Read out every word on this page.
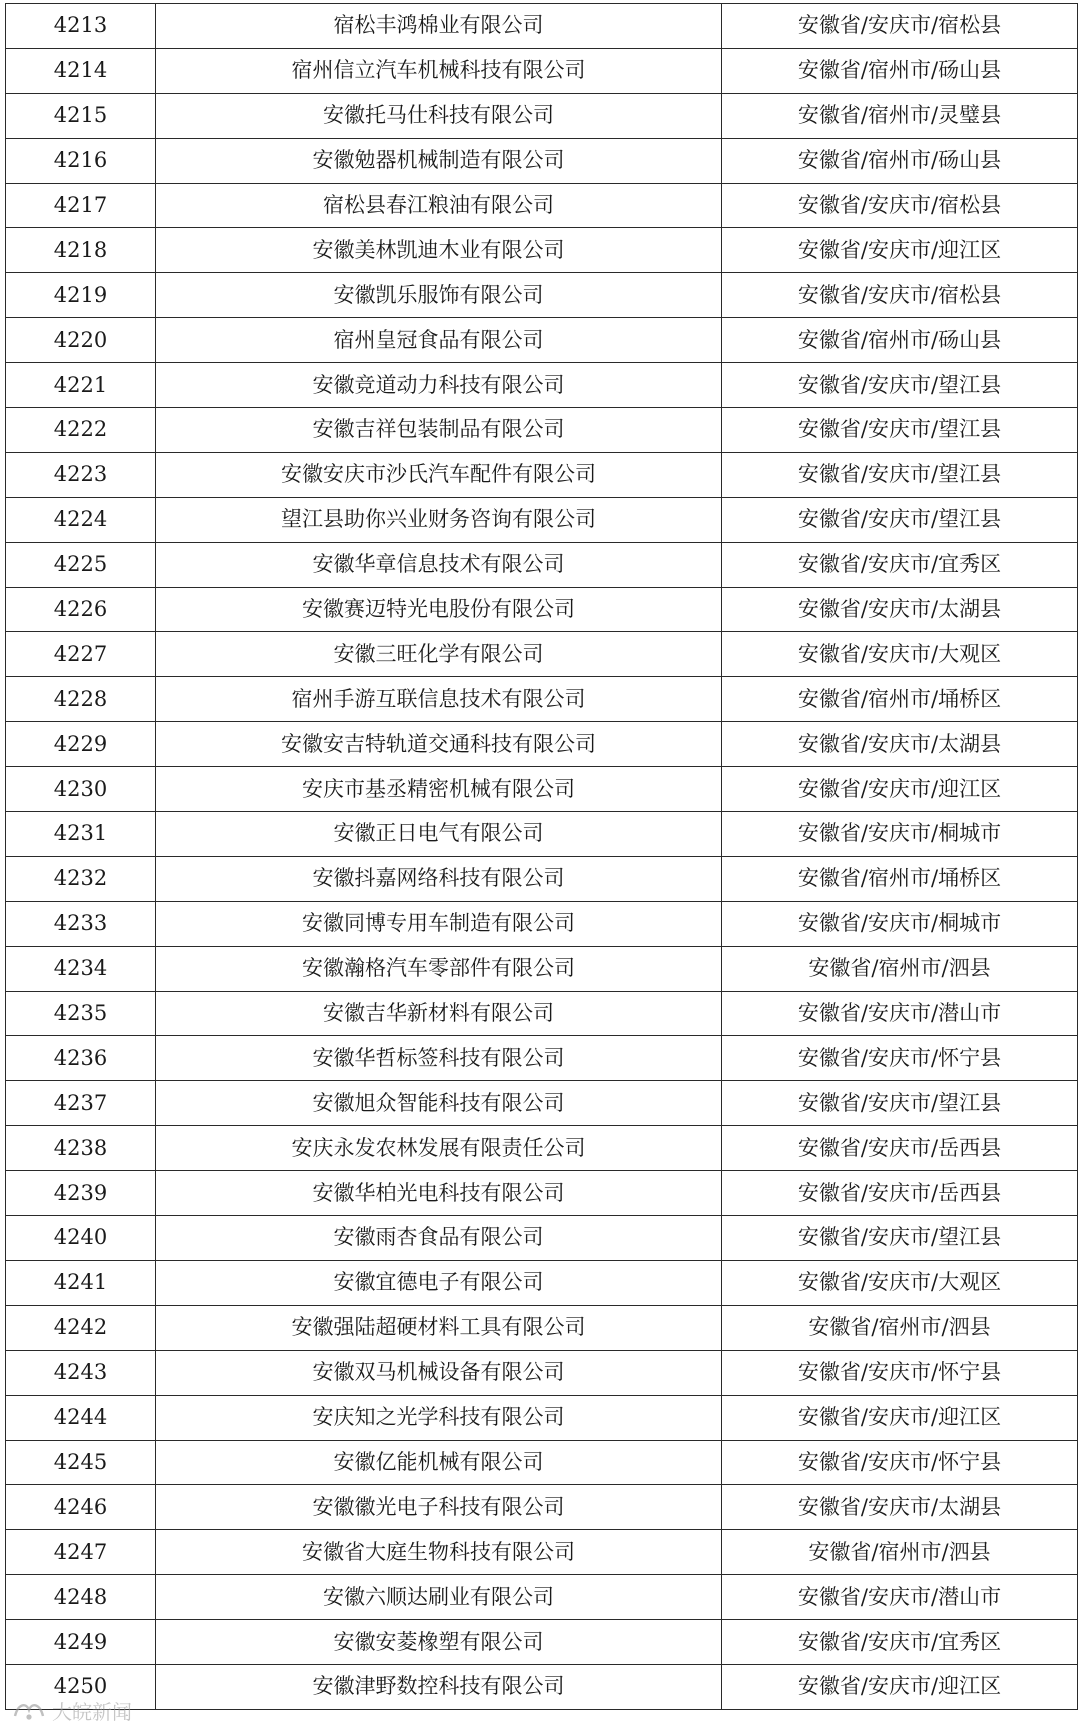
4213	宿松丰鸿棉业有限公司	安徽省/安庆市/宿松县
4214	宿州信立汽车机械科技有限公司	安徽省/宿州市/砀山县
4215	安徽托马仕科技有限公司	安徽省/宿州市/灵璧县
4216	安徽勉器机械制造有限公司	安徽省/宿州市/砀山县
4217	宿松县春江粮油有限公司	安徽省/安庆市/宿松县
4218	安徽美林凯迪木业有限公司	安徽省/安庆市/迎江区
4219	安徽凯乐服饰有限公司	安徽省/安庆市/宿松县
4220	宿州皇冠食品有限公司	安徽省/宿州市/砀山县
4221	安徽竞道动力科技有限公司	安徽省/安庆市/望江县
4222	安徽吉祥包装制品有限公司	安徽省/安庆市/望江县
4223	安徽安庆市沙氏汽车配件有限公司	安徽省/安庆市/望江县
4224	望江县助你兴业财务咨询有限公司	安徽省/安庆市/望江县
4225	安徽华章信息技术有限公司	安徽省/安庆市/宜秀区
4226	安徽赛迈特光电股份有限公司	安徽省/安庆市/太湖县
4227	安徽三旺化学有限公司	安徽省/安庆市/大观区
4228	宿州手游互联信息技术有限公司	安徽省/宿州市/埇桥区
4229	安徽安吉特轨道交通科技有限公司	安徽省/安庆市/太湖县
4230	安庆市基丞精密机械有限公司	安徽省/安庆市/迎江区
4231	安徽正日电气有限公司	安徽省/安庆市/桐城市
4232	安徽抖嘉网络科技有限公司	安徽省/宿州市/埇桥区
4233	安徽同博专用车制造有限公司	安徽省/安庆市/桐城市
4234	安徽瀚格汽车零部件有限公司	安徽省/宿州市/泗县
4235	安徽吉华新材料有限公司	安徽省/安庆市/潜山市
4236	安徽华哲标签科技有限公司	安徽省/安庆市/怀宁县
4237	安徽旭众智能科技有限公司	安徽省/安庆市/望江县
4238	安庆永发农林发展有限责任公司	安徽省/安庆市/岳西县
4239	安徽华柏光电科技有限公司	安徽省/安庆市/岳西县
4240	安徽雨杏食品有限公司	安徽省/安庆市/望江县
4241	安徽宜德电子有限公司	安徽省/安庆市/大观区
4242	安徽强陆超硬材料工具有限公司	安徽省/宿州市/泗县
4243	安徽双马机械设备有限公司	安徽省/安庆市/怀宁县
4244	安庆知之光学科技有限公司	安徽省/安庆市/迎江区
4245	安徽亿能机械有限公司	安徽省/安庆市/怀宁县
4246	安徽徽光电子科技有限公司	安徽省/安庆市/太湖县
4247	安徽省大庭生物科技有限公司	安徽省/宿州市/泗县
4248	安徽六顺达刷业有限公司	安徽省/安庆市/潜山市
4249	安徽安菱橡塑有限公司	安徽省/安庆市/宜秀区
4250	安徽津野数控科技有限公司	安徽省/安庆市/迎江区
大皖新闻
